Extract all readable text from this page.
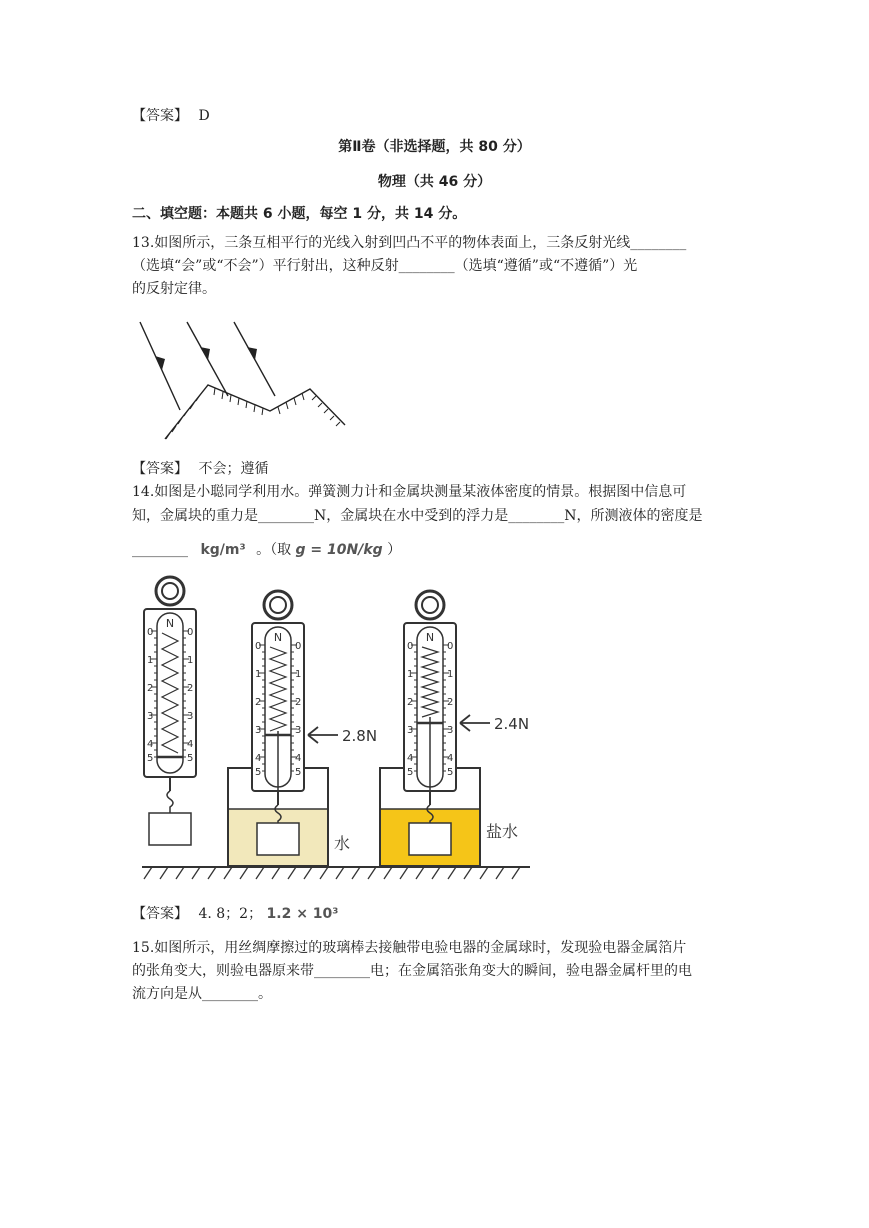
【答案】 D
第Ⅱ卷（非选择题，共 80 分）
物理（共 46 分）
二、填空题：本题共 6 小题，每空 1 分，共 14 分。
13.如图所示，三条互相平行的光线入射到凹凸不平的物体表面上，三条反射光线________
（选填“会”或“不会”）平行射出，这种反射________（选填“遵循”或“不遵循”）光
的反射定律。
【答案】 不会；遵循
14.如图是小聪同学利用水。弹簧测力计和金属块测量某液体密度的情景。根据图中信息可
知，金属块的重力是________N，金属块在水中受到的浮力是________N，所测液体的密度是
________ kg/m³ 。（取 g = 10N/kg ）
N
0
1
2
3
4
5
0
1
2
3
4
5
N
0
1
2
3
4
5
0
1
2
3
4
5
2.8N
水
N
0
1
2
3
4
5
0
1
2
3
4
5
2.4N
盐水
【答案】 4. 8；2； 1.2 × 10³
15.如图所示，用丝绸摩擦过的玻璃棒去接触带电验电器的金属球时，发现验电器金属箔片
的张角变大，则验电器原来带________电；在金属箔张角变大的瞬间，验电器金属杆里的电
流方向是从________。
